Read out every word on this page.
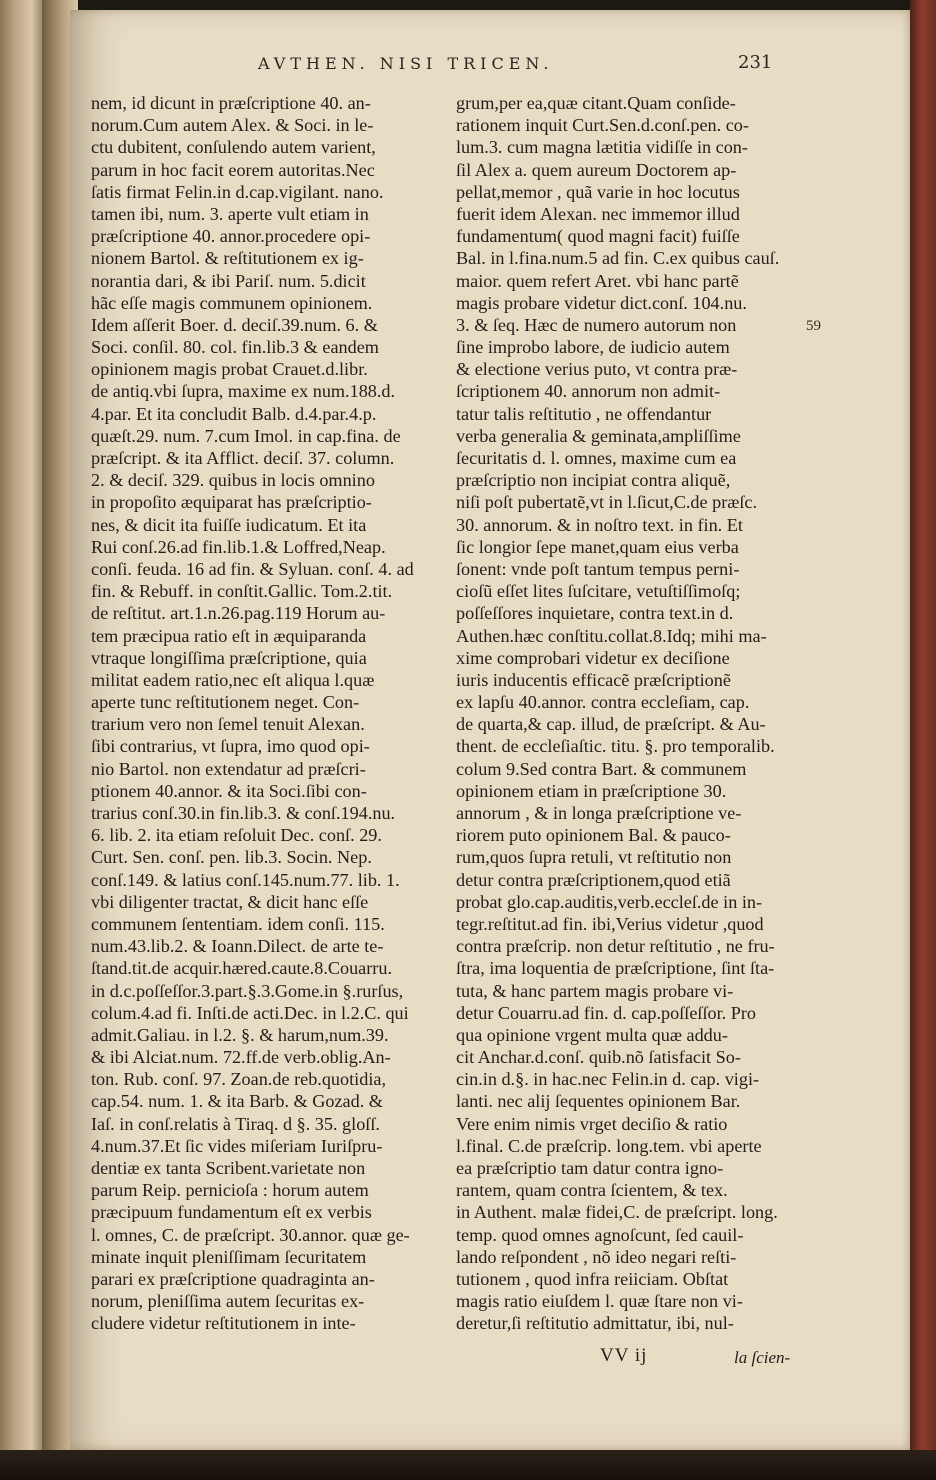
AVTHEN. NISI TRICEN.	231
nem, id dicunt in præſcriptione 40. an-
norum.Cum autem Alex. & Soci. in le-
ctu dubitent, conſulendo autem varient,
parum in hoc facit eorem autoritas.Nec
ſatis firmat Felin.in d.cap.vigilant. nano.
tamen ibi, num. 3. aperte vult etiam in
præſcriptione 40. annor.procedere opi-
nionem Bartol. & reſtitutionem ex ig-
norantia dari, & ibi Pariſ. num. 5.dicit
hãc eſſe magis communem opinionem.
Idem aſſerit Boer. d. deciſ.39.num. 6. &
Soci. conſil. 80. col. fin.lib.3 & eandem
opinionem magis probat Crauet.d.libr.
de antiq.vbi ſupra, maxime ex num.188.d.
4.par. Et ita concludit Balb. d.4.par.4.p.
quæſt.29. num. 7.cum Imol. in cap.fina. de
præſcript. & ita Afflict. deciſ. 37. column.
2. & deciſ. 329. quibus in locis omnino
in propoſito æquiparat has præſcriptio-
nes, & dicit ita fuiſſe iudicatum. Et ita
Rui conſ.26.ad fin.lib.1.& Loffred,Neap.
conſi. feuda. 16 ad fin. & Syluan. conſ. 4. ad
fin. & Rebuff. in conſtit.Gallic. Tom.2.tit.
de reſtitut. art.1.n.26.pag.119 Horum au-
tem præcipua ratio eſt in æquiparanda
vtraque longiſſima præſcriptione, quia
militat eadem ratio,nec eſt aliqua l.quæ
aperte tunc reſtitutionem neget. Con-
trarium vero non ſemel tenuit Alexan.
ſibi contrarius, vt ſupra, imo quod opi-
nio Bartol. non extendatur ad præſcri-
ptionem 40.annor. & ita Soci.ſibi con-
trarius conſ.30.in fin.lib.3. & conſ.194.nu.
6. lib. 2. ita etiam reſoluit Dec. conſ. 29.
Curt. Sen. conſ. pen. lib.3. Socin. Nep.
conſ.149. & latius conſ.145.num.77. lib. 1.
vbi diligenter tractat, & dicit hanc eſſe
communem ſententiam. idem conſi. 115.
num.43.lib.2. & Ioann.Dilect. de arte te-
ſtand.tit.de acquir.hæred.caute.8.Couarru.
in d.c.poſſeſſor.3.part.§.3.Gome.in §.rurſus,
colum.4.ad fi. Inſti.de acti.Dec. in l.2.C. qui
admit.Galiau. in l.2. §. & harum,num.39.
& ibi Alciat.num. 72.ff.de verb.oblig.An-
ton. Rub. conſ. 97. Zoan.de reb.quotidia,
cap.54. num. 1. & ita Barb. & Gozad. &
Iaſ. in conſ.relatis à Tiraq. d §. 35. gloſſ.
4.num.37.Et ſic vides miſeriam Iuriſpru-
dentiæ ex tanta Scribent.varietate non
parum Reip. pernicioſa : horum autem
præcipuum fundamentum eſt ex verbis
l. omnes, C. de præſcript. 30.annor. quæ ge-
minate inquit pleniſſimam ſecuritatem
parari ex præſcriptione quadraginta an-
norum, pleniſſima autem ſecuritas ex-
cludere videtur reſtitutionem in inte-
grum,per ea,quæ citant.Quam conſide-
rationem inquit Curt.Sen.d.conſ.pen. co-
lum.3. cum magna lætitia vidiſſe in con-
ſil Alex a. quem aureum Doctorem ap-
pellat,memor , quã varie in hoc locutus
fuerit idem Alexan. nec immemor illud
fundamentum( quod magni facit) fuiſſe
Bal. in l.fina.num.5 ad fin. C.ex quibus cauſ.
maior. quem refert Aret. vbi hanc partẽ
magis probare videtur dict.conſ. 104.nu.
3. & ſeq. Hæc de numero autorum non
ſine improbo labore, de iudicio autem
& electione verius puto, vt contra præ-
ſcriptionem 40. annorum non admit-
tatur talis reſtitutio , ne offendantur
verba generalia & geminata,ampliſſime
ſecuritatis d. l. omnes, maxime cum ea
præſcriptio non incipiat contra aliquẽ,
niſi poſt pubertatẽ,vt in l.ſicut,C.de præſc.
30. annorum. & in noſtro text. in fin. Et
ſic longior ſepe manet,quam eius verba
ſonent: vnde poſt tantum tempus perni-
cioſũ eſſet lites ſuſcitare, vetuſtiſſimoſq;
poſſeſſores inquietare, contra text.in d.
Authen.hæc conſtitu.collat.8.Idq; mihi ma-
xime comprobari videtur ex deciſione
iuris inducentis efficacẽ præſcriptionẽ
ex lapſu 40.annor. contra eccleſiam, cap.
de quarta,& cap. illud, de præſcript. & Au-
thent. de eccleſiaſtic. titu. §. pro temporalib.
colum 9.Sed contra Bart. & communem
opinionem etiam in præſcriptione 30.
annorum , & in longa præſcriptione ve-
riorem puto opinionem Bal. & pauco-
rum,quos ſupra retuli, vt reſtitutio non
detur contra præſcriptionem,quod etiã
probat glo.cap.auditis,verb.eccleſ.de in in-
tegr.reſtitut.ad fin. ibi,Verius videtur ,quod
contra præſcrip. non detur reſtitutio , ne fru-
ſtra, ima loquentia de præſcriptione, ſint ſta-
tuta, & hanc partem magis probare vi-
detur Couarru.ad fin. d. cap.poſſeſſor. Pro
qua opinione vrgent multa quæ addu-
cit Anchar.d.conſ. quib.nõ ſatisfacit So-
cin.in d.§. in hac.nec Felin.in d. cap. vigi-
lanti. nec alij ſequentes opinionem Bar.
Vere enim nimis vrget deciſio & ratio
l.final. C.de præſcrip. long.tem. vbi aperte
ea præſcriptio tam datur contra igno-
rantem, quam contra ſcientem, & tex.
in Authent. malæ fidei,C. de præſcript. long.
temp. quod omnes agnoſcunt, ſed cauil-
lando reſpondent , nõ ideo negari reſti-
tutionem , quod infra reiiciam. Obſtat
magis ratio eiuſdem l. quæ ſtare non vi-
deretur,ſi reſtitutio admittatur, ibi, nul-
59
VV ij	la ſcien-
